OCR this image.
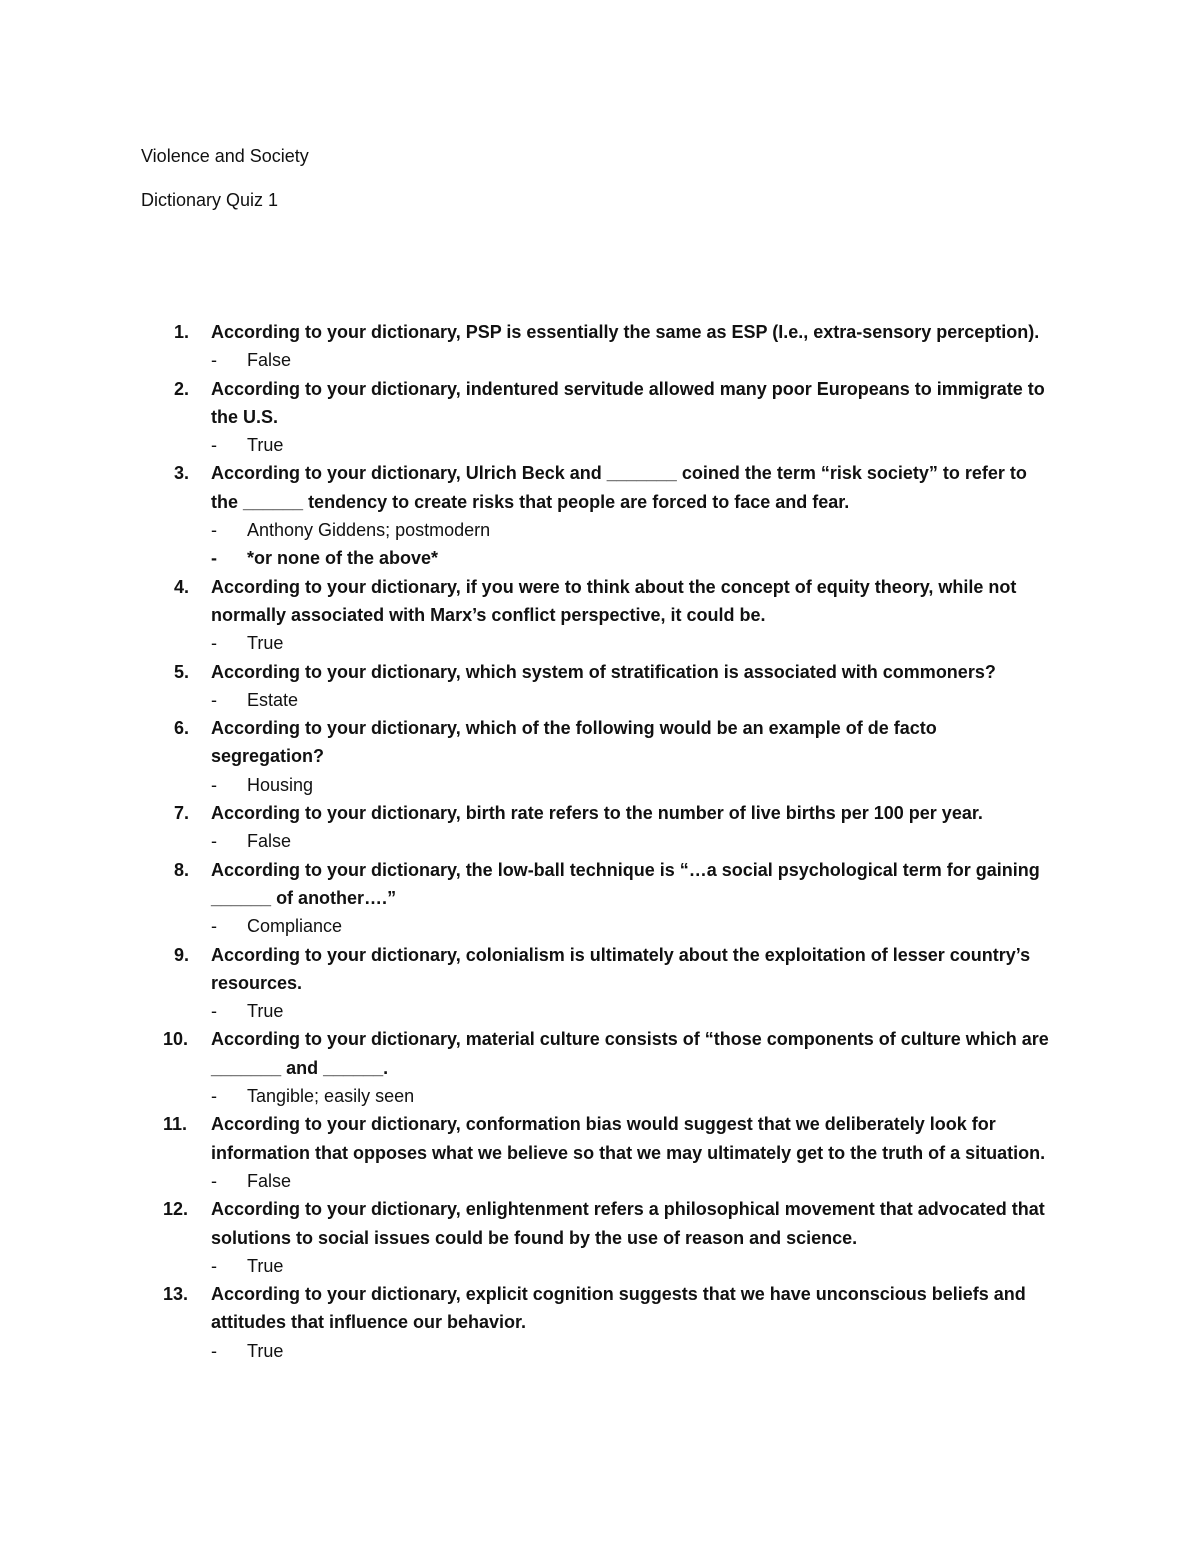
Violence and Society

Dictionary Quiz 1

1.	According to your dictionary, PSP is essentially the same as ESP (I.e., extra-sensory perception).
- False
2.	According to your dictionary, indentured servitude allowed many poor Europeans to immigrate to the U.S.
- True
3.	According to your dictionary, Ulrich Beck and _______ coined the term “risk society” to refer to the ______ tendency to create risks that people are forced to face and fear.
- Anthony Giddens; postmodern
- *or none of the above*
4.	According to your dictionary, if you were to think about the concept of equity theory, while not normally associated with Marx’s conflict perspective, it could be.
- True
5.	According to your dictionary, which system of stratification is associated with commoners?
- Estate
6.	According to your dictionary, which of the following would be an example of de facto segregation?
- Housing
7.	According to your dictionary, birth rate refers to the number of live births per 100 per year.
- False
8.	According to your dictionary, the low-ball technique is “…a social psychological term for gaining ______ of another….”
- Compliance
9.	According to your dictionary, colonialism is ultimately about the exploitation of lesser country’s resources.
- True
10.	According to your dictionary, material culture consists of “those components of culture which are _______ and ______.
- Tangible; easily seen
11.	According to your dictionary, conformation bias would suggest that we deliberately look for information that opposes what we believe so that we may ultimately get to the truth of a situation.
- False
12.	According to your dictionary, enlightenment refers a philosophical movement that advocated that solutions to social issues could be found by the use of reason and science.
- True
13.	According to your dictionary, explicit cognition suggests that we have unconscious beliefs and attitudes that influence our behavior.
- True
